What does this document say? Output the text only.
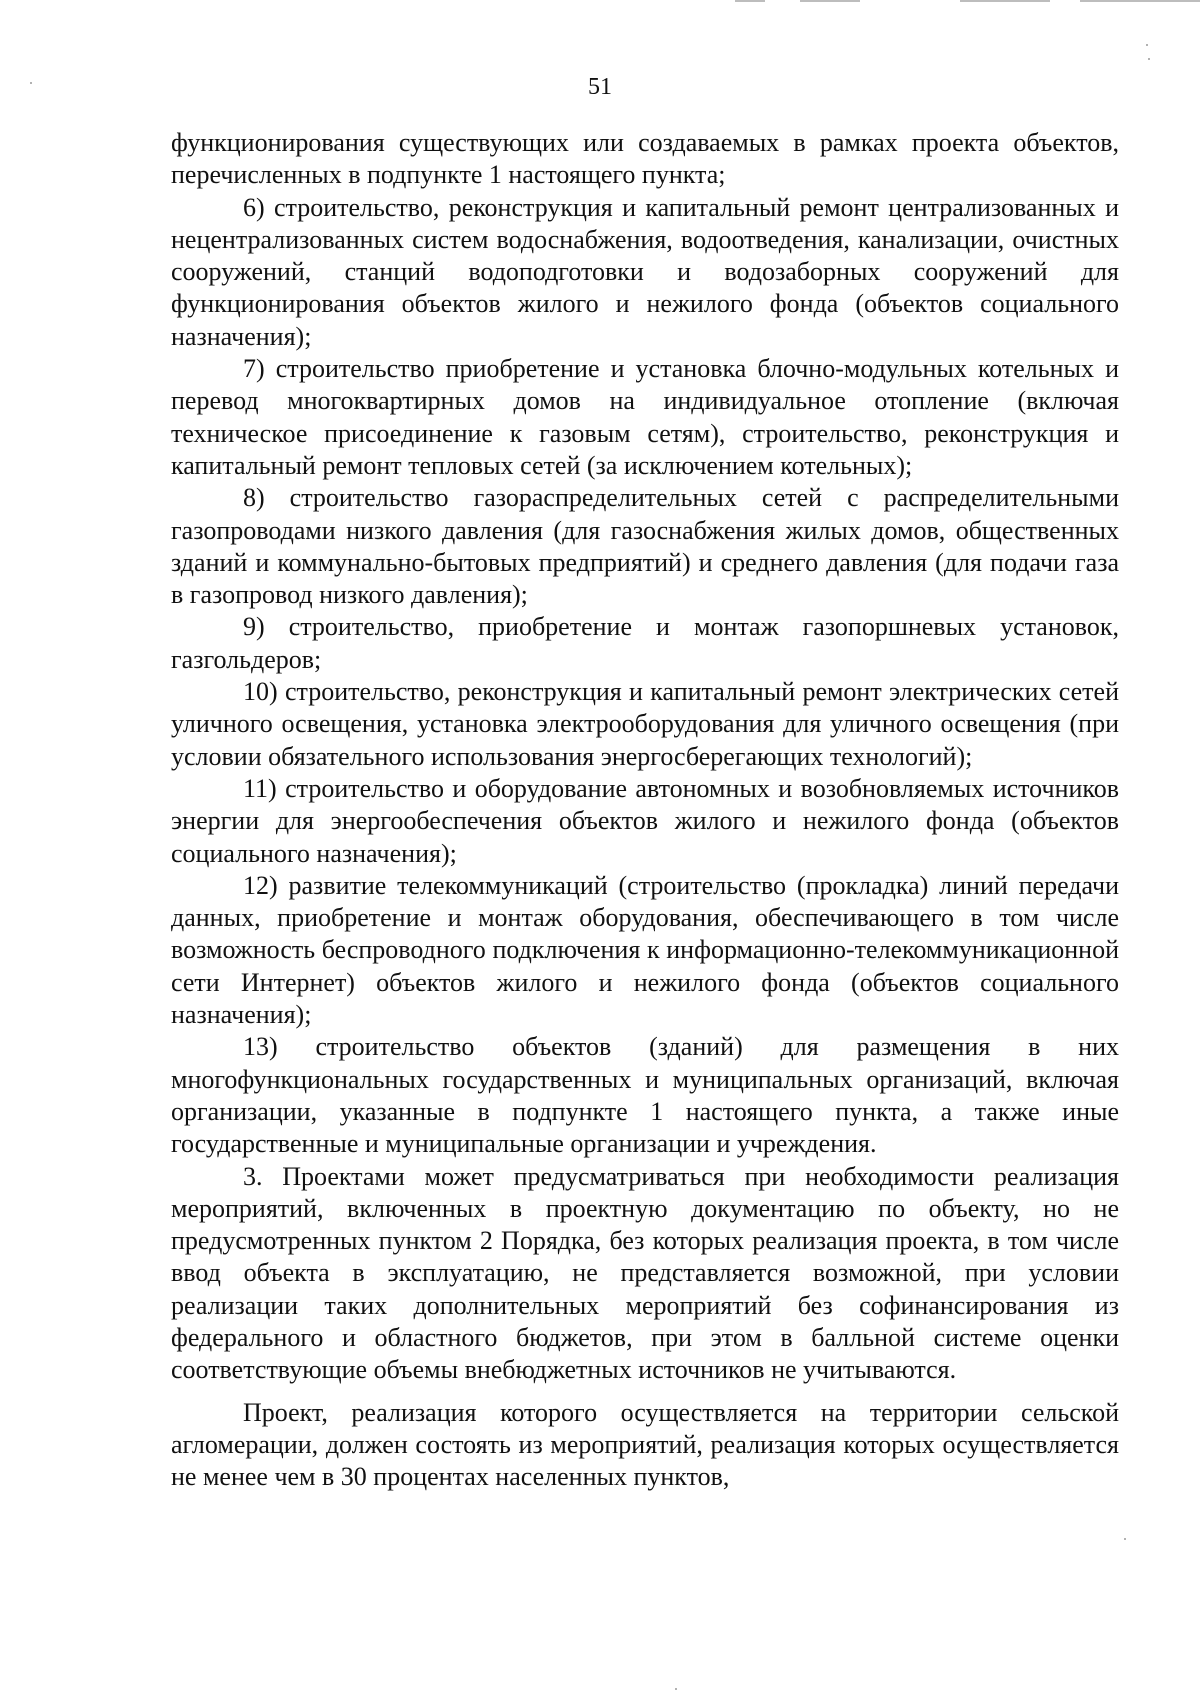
51

функционирования существующих или создаваемых в рамках проекта объектов, перечисленных в подпункте 1 настоящего пункта;

6) строительство, реконструкция и капитальный ремонт централизованных и нецентрализованных систем водоснабжения, водоотведения, канализации, очистных сооружений, станций водоподготовки и водозаборных сооружений для функционирования объектов жилого и нежилого фонда (объектов социального назначения);

7) строительство приобретение и установка блочно-модульных котельных и перевод многоквартирных домов на индивидуальное отопление (включая техническое присоединение к газовым сетям), строительство, реконструкция и капитальный ремонт тепловых сетей (за исключением котельных);

8) строительство газораспределительных сетей с распределительными газопроводами низкого давления (для газоснабжения жилых домов, общественных зданий и коммунально-бытовых предприятий) и среднего давления (для подачи газа в газопровод низкого давления);

9) строительство, приобретение и монтаж газопоршневых установок, газгольдеров;

10) строительство, реконструкция и капитальный ремонт электрических сетей уличного освещения, установка электрооборудования для уличного освещения (при условии обязательного использования энергосберегающих технологий);

11) строительство и оборудование автономных и возобновляемых источников энергии для энергообеспечения объектов жилого и нежилого фонда (объектов социального назначения);

12) развитие телекоммуникаций (строительство (прокладка) линий передачи данных, приобретение и монтаж оборудования, обеспечивающего в том числе возможность беспроводного подключения к информационно-телекоммуникационной сети Интернет) объектов жилого и нежилого фонда (объектов социального назначения);

13) строительство объектов (зданий) для размещения в них многофункциональных государственных и муниципальных организаций, включая организации, указанные в подпункте 1 настоящего пункта, а также иные государственные и муниципальные организации и учреждения.

3. Проектами может предусматриваться при необходимости реализация мероприятий, включенных в проектную документацию по объекту, но не предусмотренных пунктом 2 Порядка, без которых реализация проекта, в том числе ввод объекта в эксплуатацию, не представляется возможной, при условии реализации таких дополнительных мероприятий без софинансирования из федерального и областного бюджетов, при этом в балльной системе оценки соответствующие объемы внебюджетных источников не учитываются.

Проект, реализация которого осуществляется на территории сельской агломерации, должен состоять из мероприятий, реализация которых осуществляется не менее чем в 30 процентах населенных пунктов,
